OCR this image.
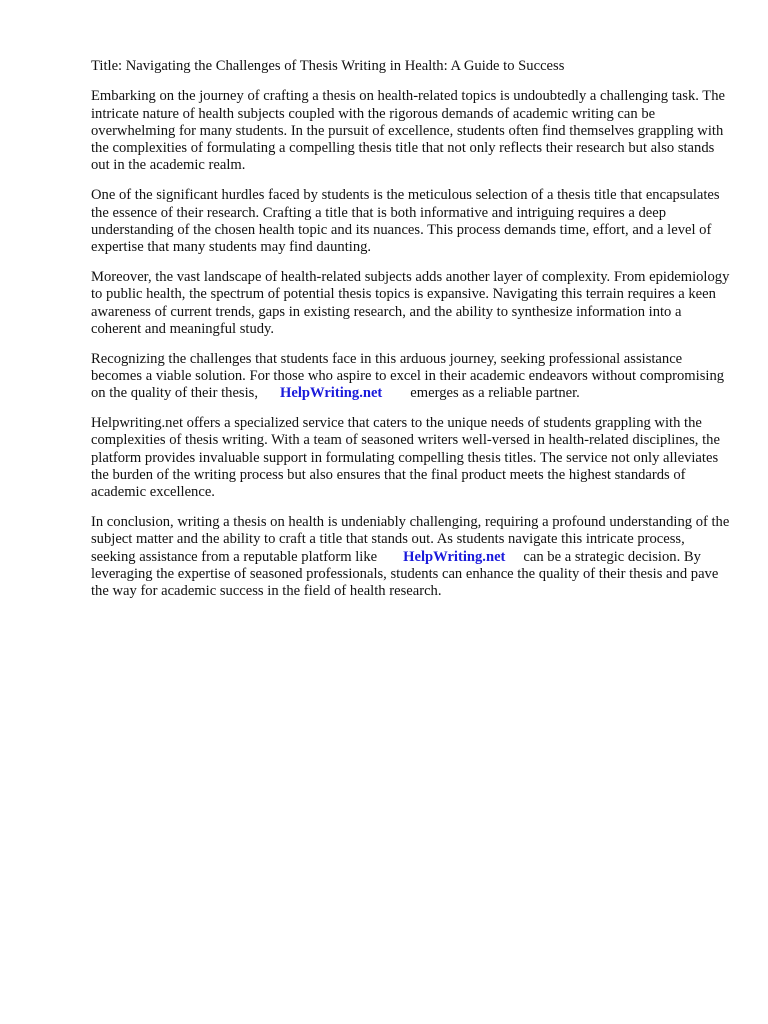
Title: Navigating the Challenges of Thesis Writing in Health: A Guide to Success

Embarking on the journey of crafting a thesis on health-related topics is undoubtedly a challenging task. The intricate nature of health subjects coupled with the rigorous demands of academic writing can be overwhelming for many students. In the pursuit of excellence, students often find themselves grappling with the complexities of formulating a compelling thesis title that not only reflects their research but also stands out in the academic realm.

One of the significant hurdles faced by students is the meticulous selection of a thesis title that encapsulates the essence of their research. Crafting a title that is both informative and intriguing requires a deep understanding of the chosen health topic and its nuances. This process demands time, effort, and a level of expertise that many students may find daunting.

Moreover, the vast landscape of health-related subjects adds another layer of complexity. From epidemiology to public health, the spectrum of potential thesis topics is expansive. Navigating this terrain requires a keen awareness of current trends, gaps in existing research, and the ability to synthesize information into a coherent and meaningful study.

Recognizing the challenges that students face in this arduous journey, seeking professional assistance becomes a viable solution. For those who aspire to excel in their academic endeavors without compromising on the quality of their thesis, HelpWriting.net emerges as a reliable partner.

Helpwriting.net offers a specialized service that caters to the unique needs of students grappling with the complexities of thesis writing. With a team of seasoned writers well-versed in health-related disciplines, the platform provides invaluable support in formulating compelling thesis titles. The service not only alleviates the burden of the writing process but also ensures that the final product meets the highest standards of academic excellence.

In conclusion, writing a thesis on health is undeniably challenging, requiring a profound understanding of the subject matter and the ability to craft a title that stands out. As students navigate this intricate process, seeking assistance from a reputable platform like HelpWriting.net can be a strategic decision. By leveraging the expertise of seasoned professionals, students can enhance the quality of their thesis and pave the way for academic success in the field of health research.
